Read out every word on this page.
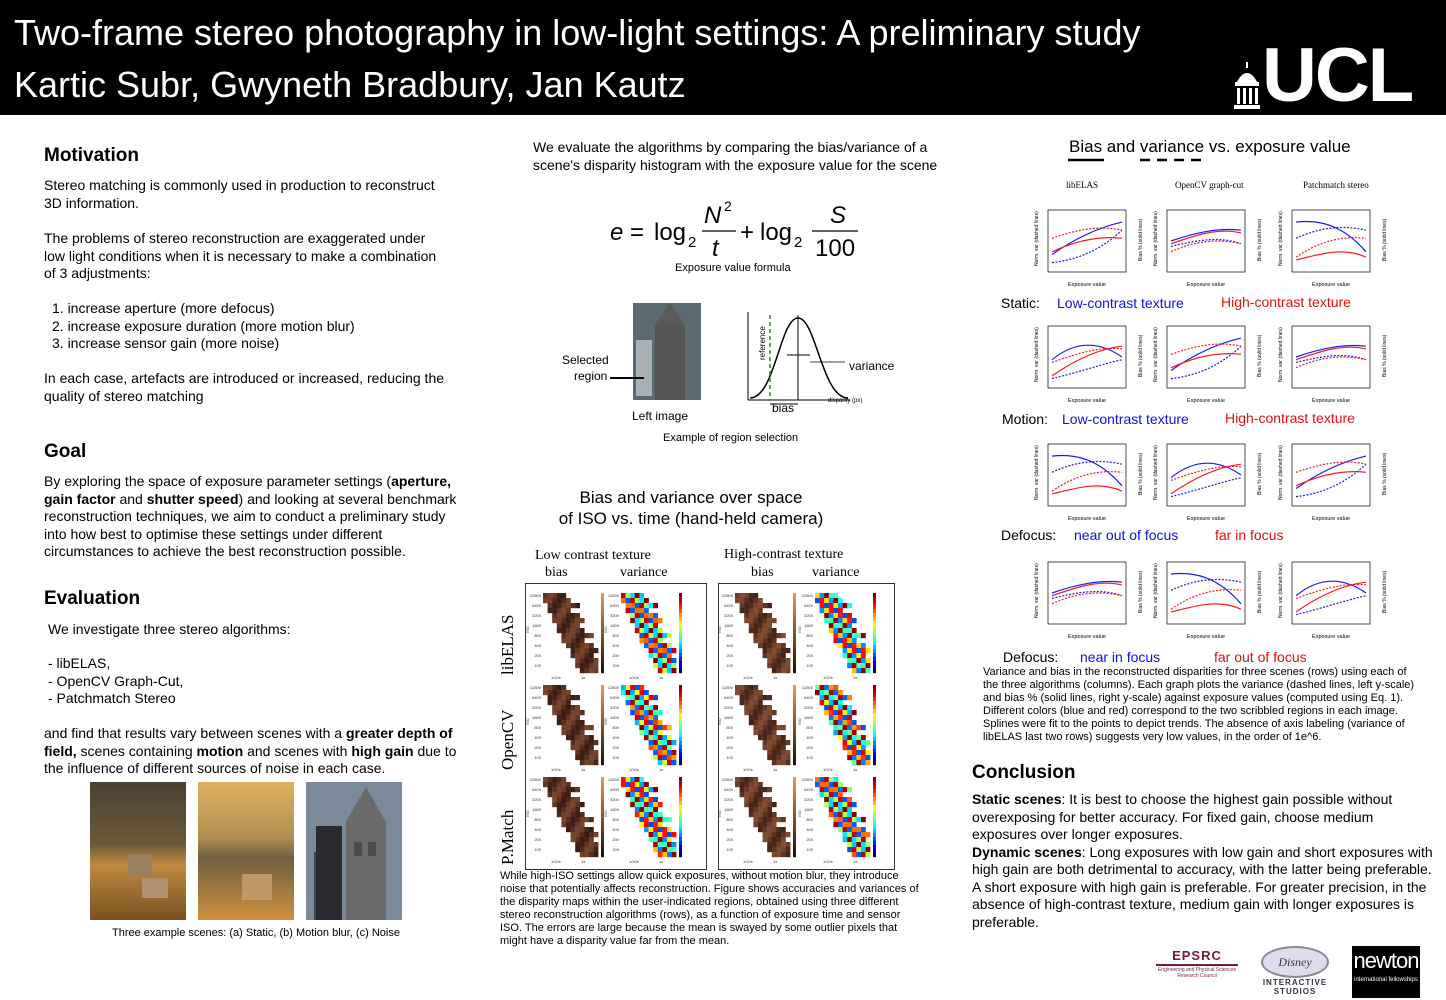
Two-frame stereo photography in low-light settings: A preliminary study
Kartic Subr, Gwyneth Bradbury, Jan Kautz	UCL
Motivation
Stereo matching is commonly used in production to reconstruct 3D information.
The problems of stereo reconstruction are exaggerated under low light conditions when it is necessary to make a combination of 3 adjustments:
1. increase aperture (more defocus)
2. increase exposure duration (more motion blur)
3. increase sensor gain (more noise)
In each case, artefacts are introduced or increased, reducing the quality of stereo matching
Goal
By exploring the space of exposure parameter settings (aperture, gain factor and shutter speed) and looking at several benchmark reconstruction techniques, we aim to conduct a preliminary study into how best to optimise these settings under different circumstances to achieve the best reconstruction possible.
Evaluation
We investigate three stereo algorithms:
- libELAS,
- OpenCV Graph-Cut,
- Patchmatch Stereo
and find that results vary between scenes with a greater depth of field, scenes containing motion and scenes with high gain due to the influence of different sources of noise in each case.
Three example scenes: (a) Static, (b) Motion blur, (c) Noise
We evaluate the algorithms by comparing the bias/variance of a scene's disparity histogram with the exposure value for the scene
e = log 2
N 2
t
+ log 2
S
100
Exposure value formula
Selected
region
Left image
reference
variance
bias	disparity (px)
Example of region selection
Bias and variance over space
of ISO vs. time (hand-held camera)
Low contrast texture	High-contrast texture
bias	variance	bias	variance
libELAS
OpenCV
P.Match
12800
6400
3200
1600
800
400
200
100
ISO
1/10s	1s
12800
6400
3200
1600
800
400
200
100
ISO
1/10s	1s
12800
6400
3200
1600
800
400
200
100
ISO
1/10s	1s
12800
6400
3200
1600
800
400
200
100
ISO
1/10s	1s
12800
6400
3200
1600
800
400
200
100
ISO
1/10s	1s
12800
6400
3200
1600
800
400
200
100
ISO
1/10s	1s
12800
6400
3200
1600
800
400
200
100
ISO
1/10s	1s
12800
6400
3200
1600
800
400
200
100
ISO
1/10s	1s
12800
6400
3200
1600
800
400
200
100
ISO
1/10s	1s
12800
6400
3200
1600
800
400
200
100
ISO
1/10s	1s
12800
6400
3200
1600
800
400
200
100
ISO
1/10s	1s
12800
6400
3200
1600
800
400
200
100
ISO
1/10s	1s
While high-ISO settings allow quick exposures, without motion blur, they introduce noise that potentially affects reconstruction. Figure shows accuracies and variances of the disparity maps within the user-indicated regions, obtained using three different stereo reconstruction algorithms (rows), as a function of exposure time and sensor ISO. The errors are large because the mean is swayed by some outlier pixels that might have a disparity value far from the mean.
Bias and variance vs. exposure value
libELAS	OpenCV graph-cut	Patchmatch stereo
Norm. var (dashed lines)	Bias % (solid lines)
Exposure value
Norm. var (dashed lines)	Bias % (solid lines)
Exposure value
Norm. var (dashed lines)	Bias % (solid lines)
Exposure value
Norm. var (dashed lines)	Bias % (solid lines)
Exposure value
Norm. var (dashed lines)	Bias % (solid lines)
Exposure value
Norm. var (dashed lines)	Bias % (solid lines)
Exposure value
Norm. var (dashed lines)	Bias % (solid lines)
Exposure value
Norm. var (dashed lines)	Bias % (solid lines)
Exposure value
Norm. var (dashed lines)	Bias % (solid lines)
Exposure value
Norm. var (dashed lines)	Bias % (solid lines)
Exposure value
Norm. var (dashed lines)	Bias % (solid lines)
Exposure value
Norm. var (dashed lines)	Bias % (solid lines)
Exposure value
Static: Low-contrast texture	High-contrast texture
Motion: Low-contrast texture	High-contrast texture
Defocus: near out of focus	far in focus
Defocus: near in focus	far out of focus
Variance and bias in the reconstructed disparities for three scenes (rows) using each of the three algorithms (columns). Each graph plots the variance (dashed lines, left y-scale) and bias % (solid lines, right y-scale) against exposure values (computed using Eq. 1). Different colors (blue and red) correspond to the two scribbled regions in each image. Splines were fit to the points to depict trends. The absence of axis labeling (variance of libELAS last two rows) suggests very low values, in the order of 1e^6.
Conclusion
Static scenes: It is best to choose the highest gain possible without overexposing for better accuracy. For fixed gain, choose medium exposures over longer exposures.
Dynamic scenes: Long exposures with low gain and short exposures with high gain are both detrimental to accuracy, with the latter being preferable. A short exposure with high gain is preferable. For greater precision, in the absence of high-contrast texture, medium gain with longer exposures is preferable.
EPSRC
Engineering and Physical Sciences
Research Council
Disney
INTERACTIVE
STUDIOS
newton
international fellowships
